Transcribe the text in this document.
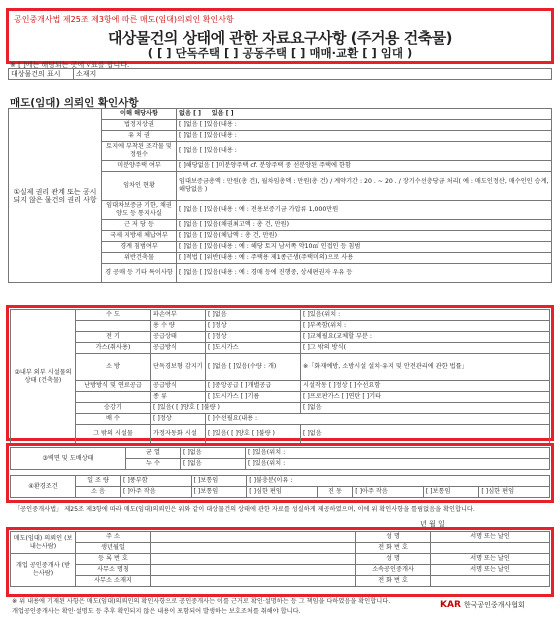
공인중개사법 제25조 제3항에 따른 매도(임대)의뢰인 확인사항
대상물건의 상태에 관한 자료요구사항 (주거용 건축물)
( [ ] 단독주택 [ ] 공동주택 [ ] 매매·교환 [ ] 임대 )
※ [ ]에는 해당되는 곳에 √표를 합니다.
대상물건의 표시	소재지
매도(임대) 의뢰인 확인사항
①실제 권리 관계 또는 공시되지 않은 물건의 권리 사항	이해 해당사항	없음 [ ] 있음 [ ]
	법정지상권	[ ]없음 [ ]있음(내용 :
	유 치 권	[ ]없음 [ ]있음(내용 :
	토지에 부착된 조각물 및 정원수	[ ]없음 [ ]있음(내용 :
	미분양주택 여부	[ ]해당없음 [ ]미분양주택 cf. 분양주택 중 선분양된 주택에 한함
	임차인 현황	임대보증금총액 : 만원(총 건), 월차임총액 : 만원(총 건) / 계약기간 : 20 . ~ 20 . / 장기수선충당금 처리( 예 : 매도인정산, 매수인인 승계, 해당없음 )
	임대차보증금 기한, 채권양도 등 통지사실	[ ]없음 [ ]있음(내용 : 예 : 전용보증기금 가압류 1,000만원
	근 저 당 등	[ ]없음 [ ]있음(채권최고액 : 총 건, 만원)
	국세 지방세 체납여부	[ ]없음 [ ]있음(체납액 : 총 건, 만원)
	경계 침범여부	[ ]없음 [ ]있음(내용 : 예 : 해당 토지 남서쪽 약10㎡ 인접인 등 침범
	위반건축물	[ ]적법 [ ]위반(내용 : 예 : 주택용 제1종근생(주택미의)으로 사용
	경 공매 등 기타 특이사항	[ ]없음 [ ]있음(내용 : 예 : 경매 등에 진행중, 상세편권자 우유 등
②내부 외부 시설물의 상태 (건축물)	수 도	파손여부	[ ]없음	[ ]있음(위치 :
		용 수 량	[ ]정상	[ ]부족함(위치 :
	전 기	공급상태	[ ]정상	[ ]교체필요(교체할 부분 :
	가스(취사용)	공급방식	[ ]도시가스	[ ]그 밖의 방식(
	소 방	단독경보형 감지기	[ ]없음 [ ]있음(수량 : 개)	※「화재예방, 소방시설 설치·유지 및 안전관리에 관한 법률」
	난방방식 및 연료공급	공급방식	[ ]중앙공급 [ ]개별공급	시설작동 [ ]정상 [ ]수선요함
		종 류	[ ]도시가스 [ ]기름	[ ]프로판가스 [ ]연탄 [ ]기타
	승강기	[ ]있음( [ ]양호 [ ]불량 )		[ ]없음
	배 수	[ ]정상	[ ]수선필요(내용 :	
	그 밖의 시설물	가정자동화 시설	[ ]있음( [ ]양호 [ ]불량 )	[ ]없음
③벽면 및 도배상태	균 열	[ ]없음	[ ]있음(위치 :
	누 수	[ ]없음	[ ]있음(위치 :
④환경조건	일 조 량	[ ]풍부함	[ ]보통임	[ ]불충분(이유 :				
	소 음	[ ]아주 작음	[ ]보통임	[ ]심한 편임	진 동	[ ]아주 작음	[ ]보통임	[ ]심한 편임
「공인중개사법」 제25조 제3항에 따라 매도(임대)의뢰인은 위와 같이 대상물건의 상태에 관한 자료를 성실하게 제공하였으며, 이에 위 확인사항을 틀림없음을 확인합니다.
년 월 일
매도(임대) 의뢰인 (보내는사람)	주 소		성 명	서명 또는 날인
	생년월일		전 화 번 호	
개업 공인중개사 (받는사람)	등 록 번 호		성 명	서명 또는 날인
	사무소 명칭		소속공인중개사	서명 또는 날인
	사무소 소재지		전 화 번 호	
※ 위 내용에 기재된 사항은 매도(임대)의뢰인의 확인사항으로 공인중개사는 이를 근거로 확인·설명하는 등 그 책임을 다하였음을 확인합니다.
개업공인중개사는 확인·설명도 등 추후 확인되지 않은 내용이 포함되어 발생하는 보호조처를 취해야 합니다.
KAR 한국공인중개사협회
